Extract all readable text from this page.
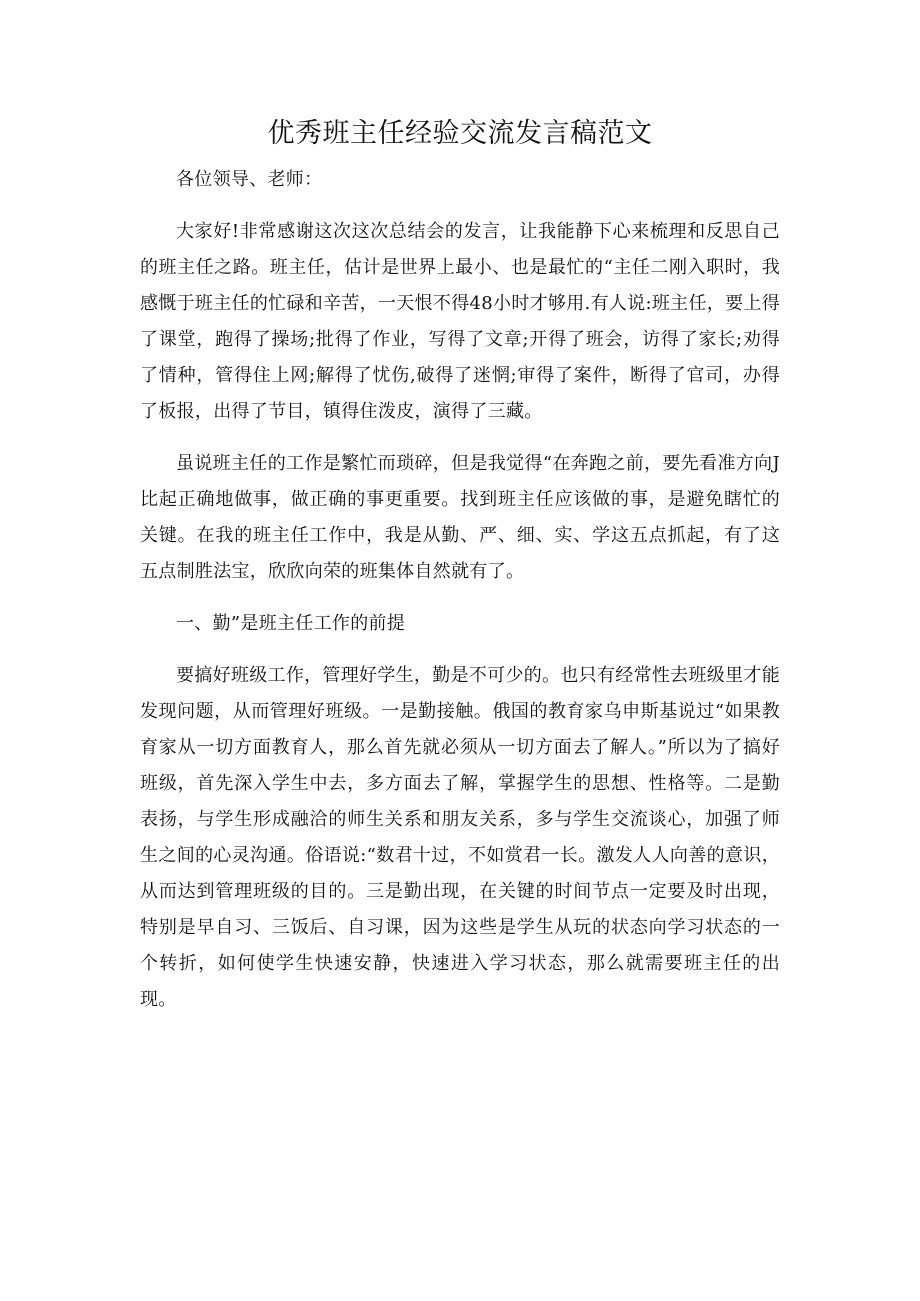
优秀班主任经验交流发言稿范文

各位领导、老师：

大家好!非常感谢这次这次总结会的发言，让我能静下心来梳理和反思自己的班主任之路。班主任，估计是世界上最小、也是最忙的“主任二刚入职时，我感慨于班主任的忙碌和辛苦，一天恨不得48小时才够用.有人说:班主任，要上得了课堂，跑得了操场;批得了作业，写得了文章;开得了班会，访得了家长;劝得了情种，管得住上网;解得了忧伤,破得了迷惘;审得了案件，断得了官司，办得了板报，出得了节目，镇得住泼皮，演得了三藏。

虽说班主任的工作是繁忙而琐碎，但是我觉得“在奔跑之前，要先看准方向J比起正确地做事，做正确的事更重要。找到班主任应该做的事，是避免瞎忙的关键。在我的班主任工作中，我是从勤、严、细、实、学这五点抓起，有了这五点制胜法宝，欣欣向荣的班集体自然就有了。

一、勤”是班主任工作的前提

要搞好班级工作，管理好学生，勤是不可少的。也只有经常性去班级里才能发现问题，从而管理好班级。一是勤接触。俄国的教育家乌申斯基说过“如果教育家从一切方面教育人，那么首先就必须从一切方面去了解人。”所以为了搞好班级，首先深入学生中去，多方面去了解，掌握学生的思想、性格等。二是勤表扬，与学生形成融洽的师生关系和朋友关系，多与学生交流谈心，加强了师生之间的心灵沟通。俗语说:“数君十过，不如赏君一长。激发人人向善的意识，从而达到管理班级的目的。三是勤出现，在关键的时间节点一定要及时出现，特别是早自习、三饭后、自习课，因为这些是学生从玩的状态向学习状态的一个转折，如何使学生快速安静，快速进入学习状态，那么就需要班主任的出现。
